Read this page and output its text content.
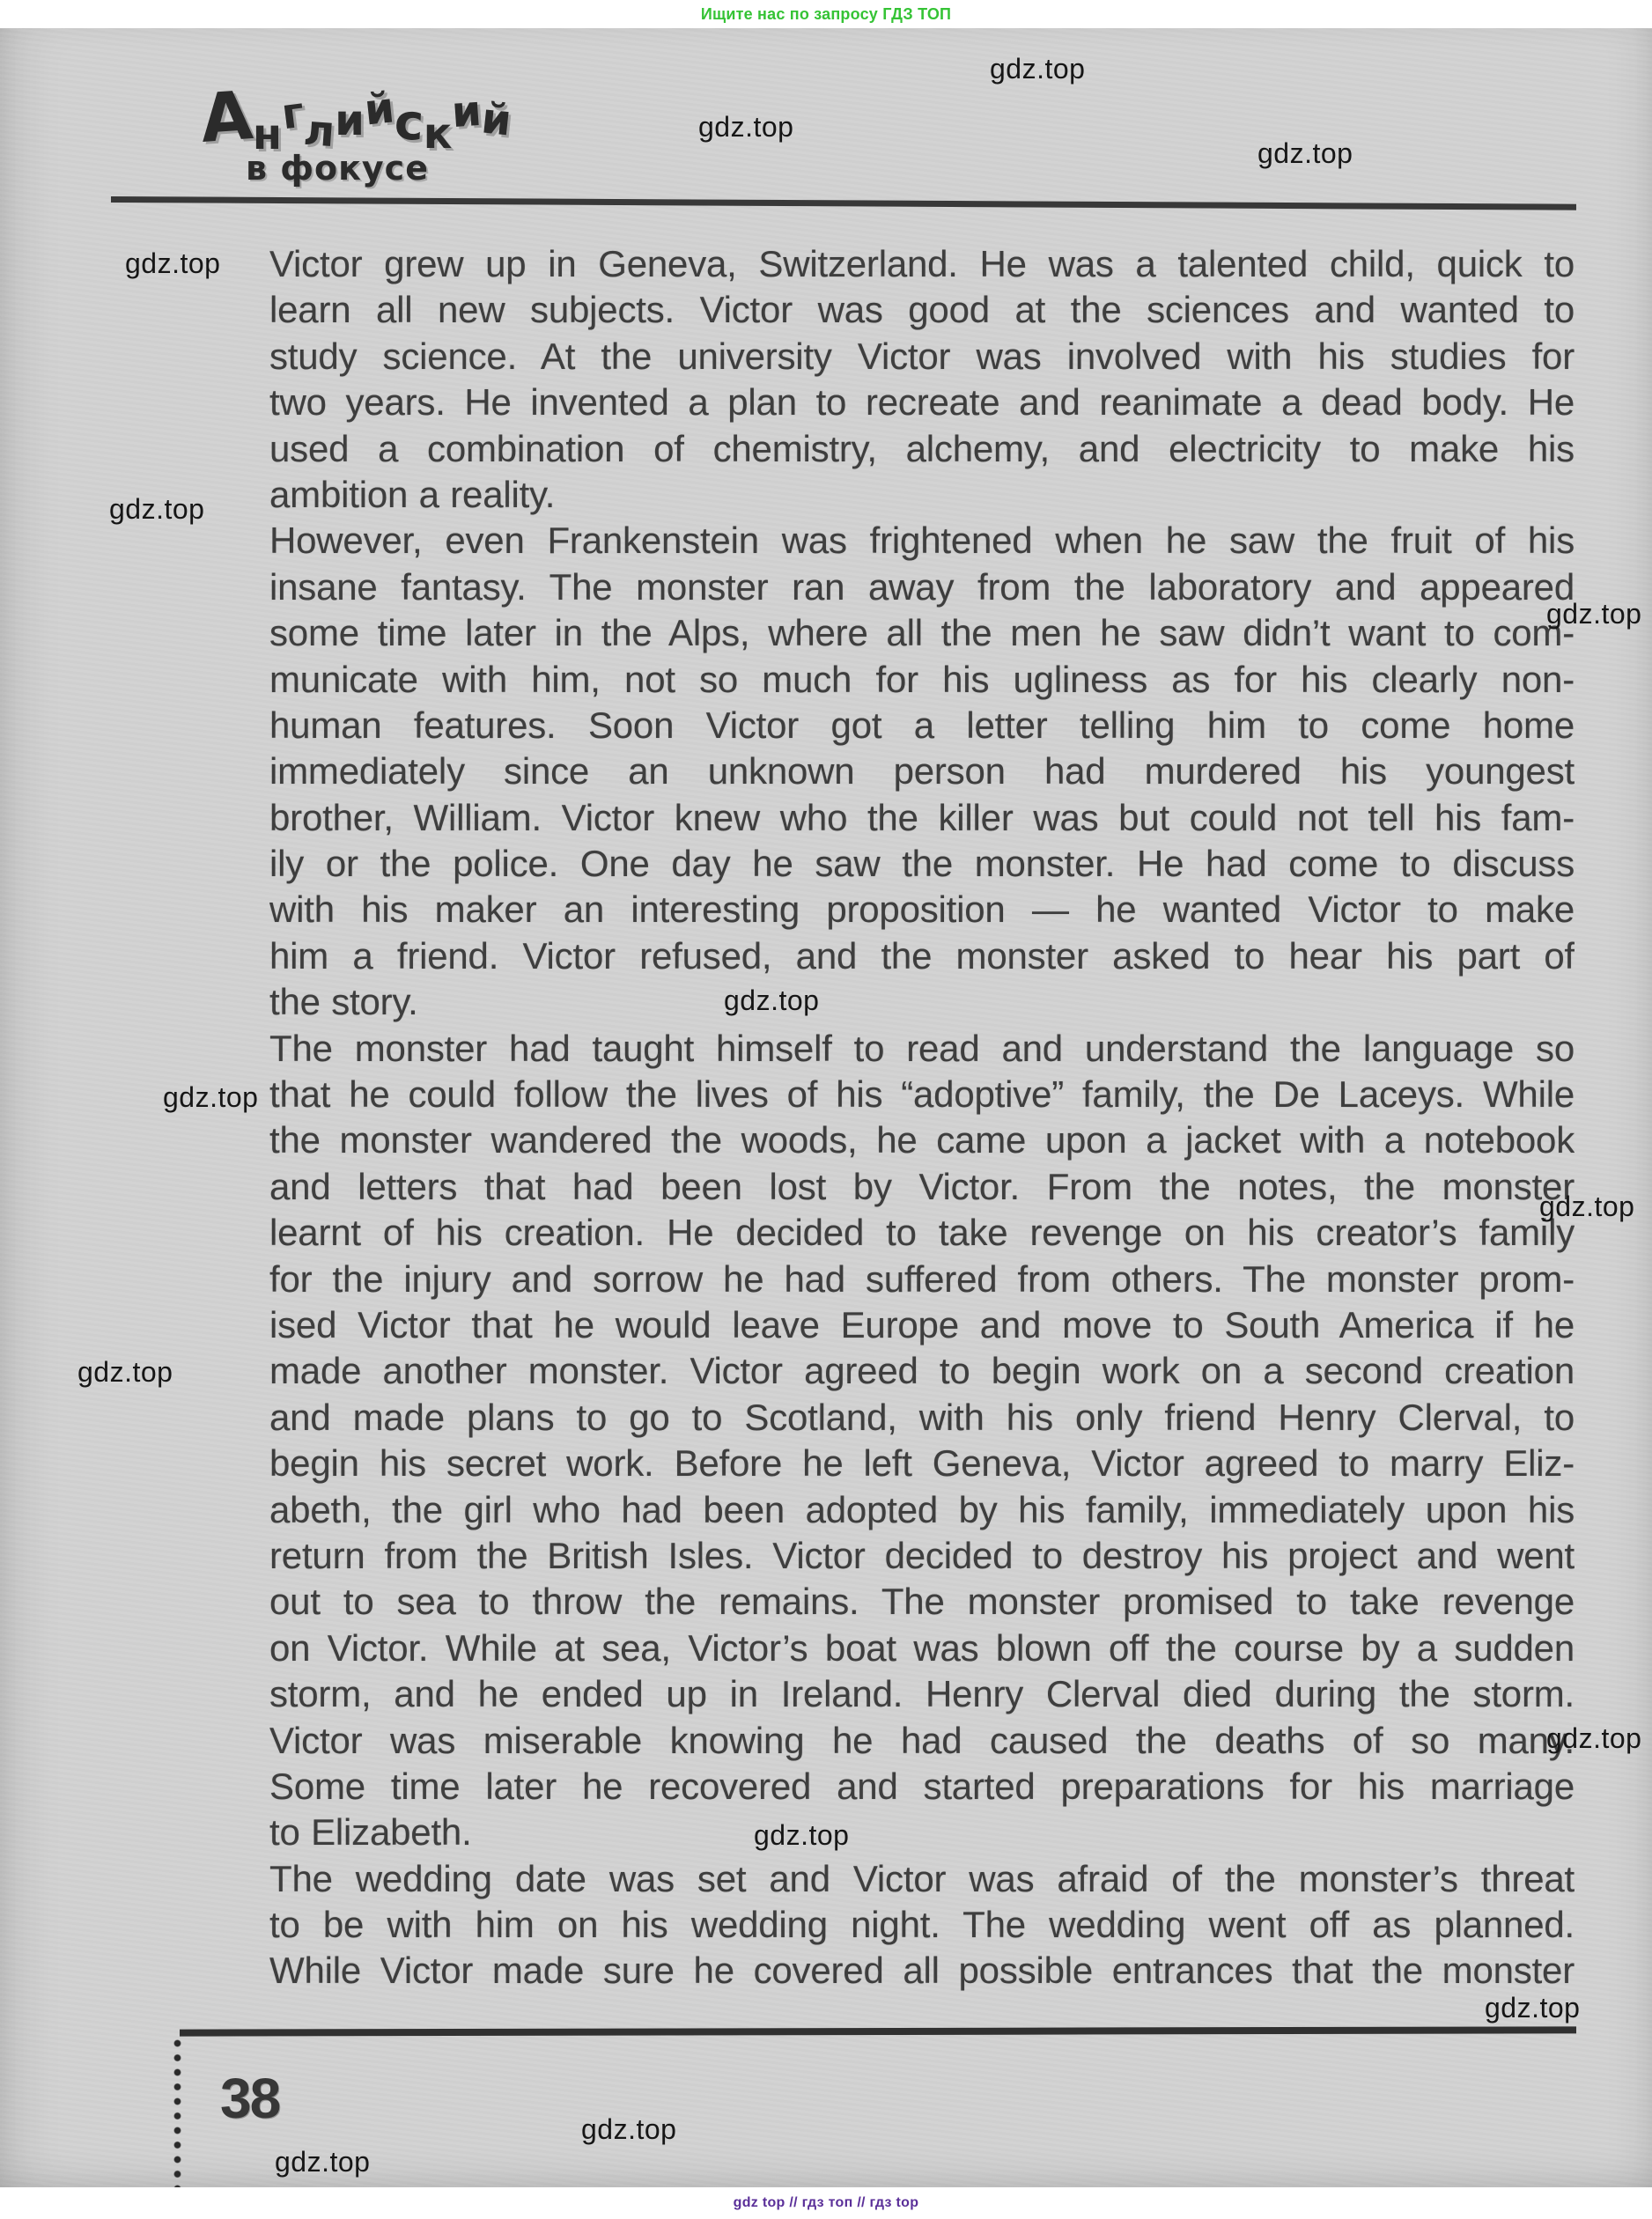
Ищите нас по запросу ГДЗ ТОП
Английский
в фокусе
Victor grew up in Geneva, Switzerland. He was a talented child, quick to
learn all new subjects. Victor was good at the sciences and wanted to
study science. At the university Victor was involved with his studies for
two years. He invented a plan to recreate and reanimate a dead body. He
used a combination of chemistry, alchemy, and electricity to make his
ambition a reality.
However, even Frankenstein was frightened when he saw the fruit of his
insane fantasy. The monster ran away from the laboratory and appeared
some time later in the Alps, where all the men he saw didn’t want to com-
municate with him, not so much for his ugliness as for his clearly non-
human features. Soon Victor got a letter telling him to come home
immediately since an unknown person had murdered his youngest
brother, William. Victor knew who the killer was but could not tell his fam-
ily or the police. One day he saw the monster. He had come to discuss
with his maker an interesting proposition — he wanted Victor to make
him a friend. Victor refused, and the monster asked to hear his part of
the story.
The monster had taught himself to read and understand the language so
that he could follow the lives of his “adoptive” family, the De Laceys. While
the monster wandered the woods, he came upon a jacket with a notebook
and letters that had been lost by Victor. From the notes, the monster
learnt of his creation. He decided to take revenge on his creator’s family
for the injury and sorrow he had suffered from others. The monster prom-
ised Victor that he would leave Europe and move to South America if he
made another monster. Victor agreed to begin work on a second creation
and made plans to go to Scotland, with his only friend Henry Clerval, to
begin his secret work. Before he left Geneva, Victor agreed to marry Eliz-
abeth, the girl who had been adopted by his family, immediately upon his
return from the British Isles. Victor decided to destroy his project and went
out to sea to throw the remains. The monster promised to take revenge
on Victor. While at sea, Victor’s boat was blown off the course by a sudden
storm, and he ended up in Ireland. Henry Clerval died during the storm.
Victor was miserable knowing he had caused the deaths of so many.
Some time later he recovered and started preparations for his marriage
to Elizabeth.
The wedding date was set and Victor was afraid of the monster’s threat
to be with him on his wedding night. The wedding went off as planned.
While Victor made sure he covered all possible entrances that the monster
38
gdz.top
gdz.top
gdz.top
gdz.top
gdz.top
gdz.top
gdz.top
gdz.top
gdz.top
gdz.top
gdz.top
gdz.top
gdz.top
gdz.top
gdz.top
gdz top // гдз топ // гдз top
